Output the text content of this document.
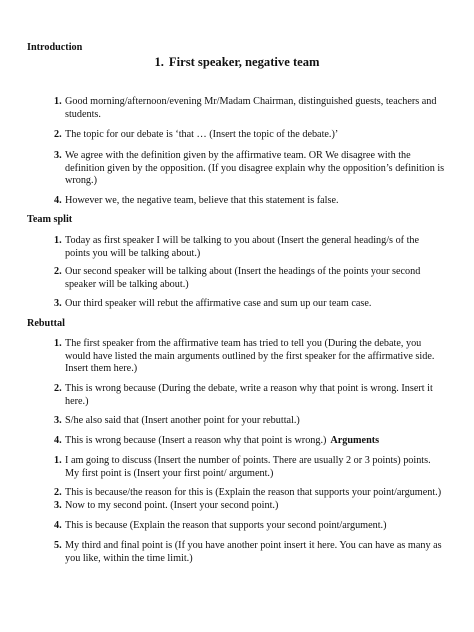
Introduction
1. First speaker, negative team
1. Good morning/afternoon/evening Mr/Madam Chairman, distinguished guests, teachers and students.
2. The topic for our debate is ‘that … (Insert the topic of the debate.)’
3. We agree with the definition given by the affirmative team. OR We disagree with the definition given by the opposition. (If you disagree explain why the opposition’s definition is wrong.)
4. However we, the negative team, believe that this statement is false.
Team split
1. Today as first speaker I will be talking to you about (Insert the general heading/s of the points you will be talking about.)
2. Our second speaker will be talking about (Insert the headings of the points your second speaker will be talking about.)
3. Our third speaker will rebut the affirmative case and sum up our team case.
Rebuttal
1. The first speaker from the affirmative team has tried to tell you (During the debate, you would have listed the main arguments outlined by the first speaker for the affirmative side. Insert them here.)
2. This is wrong because (During the debate, write a reason why that point is wrong. Insert it here.)
3. S/he also said that (Insert another point for your rebuttal.)
4. This is wrong because (Insert a reason why that point is wrong.) Arguments
1. I am going to discuss (Insert the number of points. There are usually 2 or 3 points) points. My first point is (Insert your first point/ argument.)
2. This is because/the reason for this is (Explain the reason that supports your point/argument.)
3. Now to my second point. (Insert your second point.)
4. This is because (Explain the reason that supports your second point/argument.)
5. My third and final point is (If you have another point insert it here. You can have as many as you like, within the time limit.)
